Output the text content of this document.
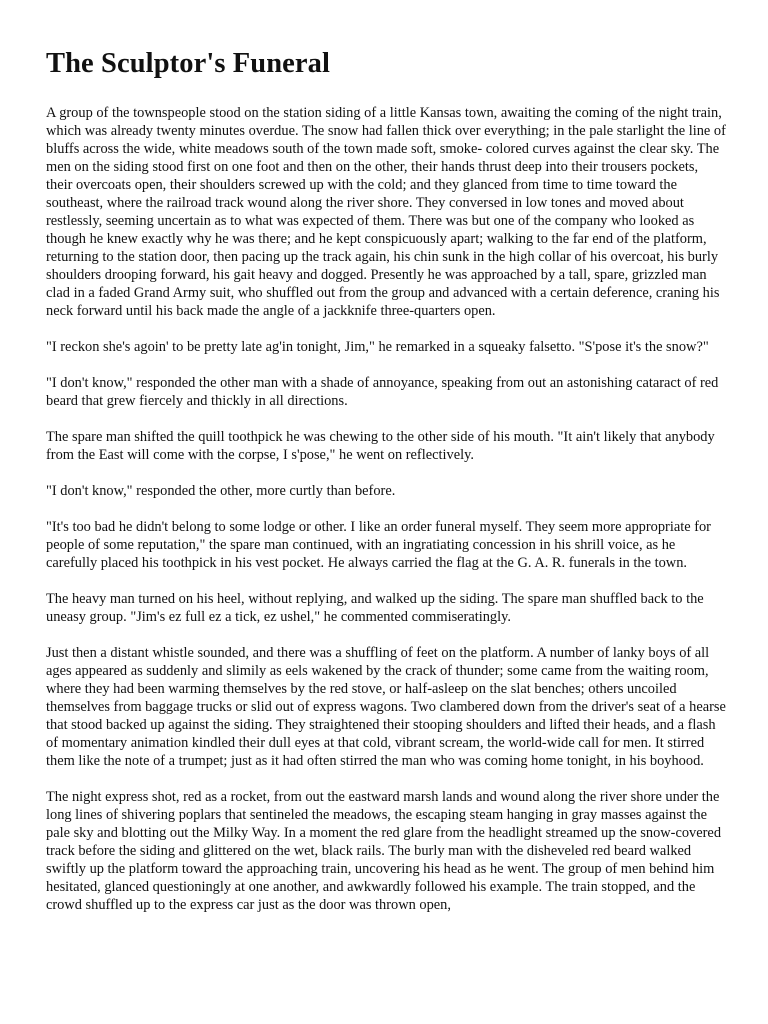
The Sculptor's Funeral

A group of the townspeople stood on the station siding of a little Kansas town, awaiting the coming of the night train, which was already twenty minutes overdue. The snow had fallen thick over everything; in the pale starlight the line of bluffs across the wide, white meadows south of the town made soft, smoke- colored curves against the clear sky. The men on the siding stood first on one foot and then on the other, their hands thrust deep into their trousers pockets, their overcoats open, their shoulders screwed up with the cold; and they glanced from time to time toward the southeast, where the railroad track wound along the river shore. They conversed in low tones and moved about restlessly, seeming uncertain as to what was expected of them. There was but one of the company who looked as though he knew exactly why he was there; and he kept conspicuously apart; walking to the far end of the platform, returning to the station door, then pacing up the track again, his chin sunk in the high collar of his overcoat, his burly shoulders drooping forward, his gait heavy and dogged. Presently he was approached by a tall, spare, grizzled man clad in a faded Grand Army suit, who shuffled out from the group and advanced with a certain deference, craning his neck forward until his back made the angle of a jackknife three-quarters open.

"I reckon she's agoin' to be pretty late ag'in tonight, Jim," he remarked in a squeaky falsetto. "S'pose it's the snow?"

"I don't know," responded the other man with a shade of annoyance, speaking from out an astonishing cataract of red beard that grew fiercely and thickly in all directions.

The spare man shifted the quill toothpick he was chewing to the other side of his mouth. "It ain't likely that anybody from the East will come with the corpse, I s'pose," he went on reflectively.

"I don't know," responded the other, more curtly than before.

"It's too bad he didn't belong to some lodge or other. I like an order funeral myself. They seem more appropriate for people of some reputation," the spare man continued, with an ingratiating concession in his shrill voice, as he carefully placed his toothpick in his vest pocket. He always carried the flag at the G. A. R. funerals in the town.

The heavy man turned on his heel, without replying, and walked up the siding. The spare man shuffled back to the uneasy group. "Jim's ez full ez a tick, ez ushel," he commented commiseratingly.

Just then a distant whistle sounded, and there was a shuffling of feet on the platform. A number of lanky boys of all ages appeared as suddenly and slimily as eels wakened by the crack of thunder; some came from the waiting room, where they had been warming themselves by the red stove, or half-asleep on the slat benches; others uncoiled themselves from baggage trucks or slid out of express wagons. Two clambered down from the driver's seat of a hearse that stood backed up against the siding. They straightened their stooping shoulders and lifted their heads, and a flash of momentary animation kindled their dull eyes at that cold, vibrant scream, the world-wide call for men. It stirred them like the note of a trumpet; just as it had often stirred the man who was coming home tonight, in his boyhood.

The night express shot, red as a rocket, from out the eastward marsh lands and wound along the river shore under the long lines of shivering poplars that sentineled the meadows, the escaping steam hanging in gray masses against the pale sky and blotting out the Milky Way. In a moment the red glare from the headlight streamed up the snow-covered track before the siding and glittered on the wet, black rails. The burly man with the disheveled red beard walked swiftly up the platform toward the approaching train, uncovering his head as he went. The group of men behind him hesitated, glanced questioningly at one another, and awkwardly followed his example. The train stopped, and the crowd shuffled up to the express car just as the door was thrown open,
